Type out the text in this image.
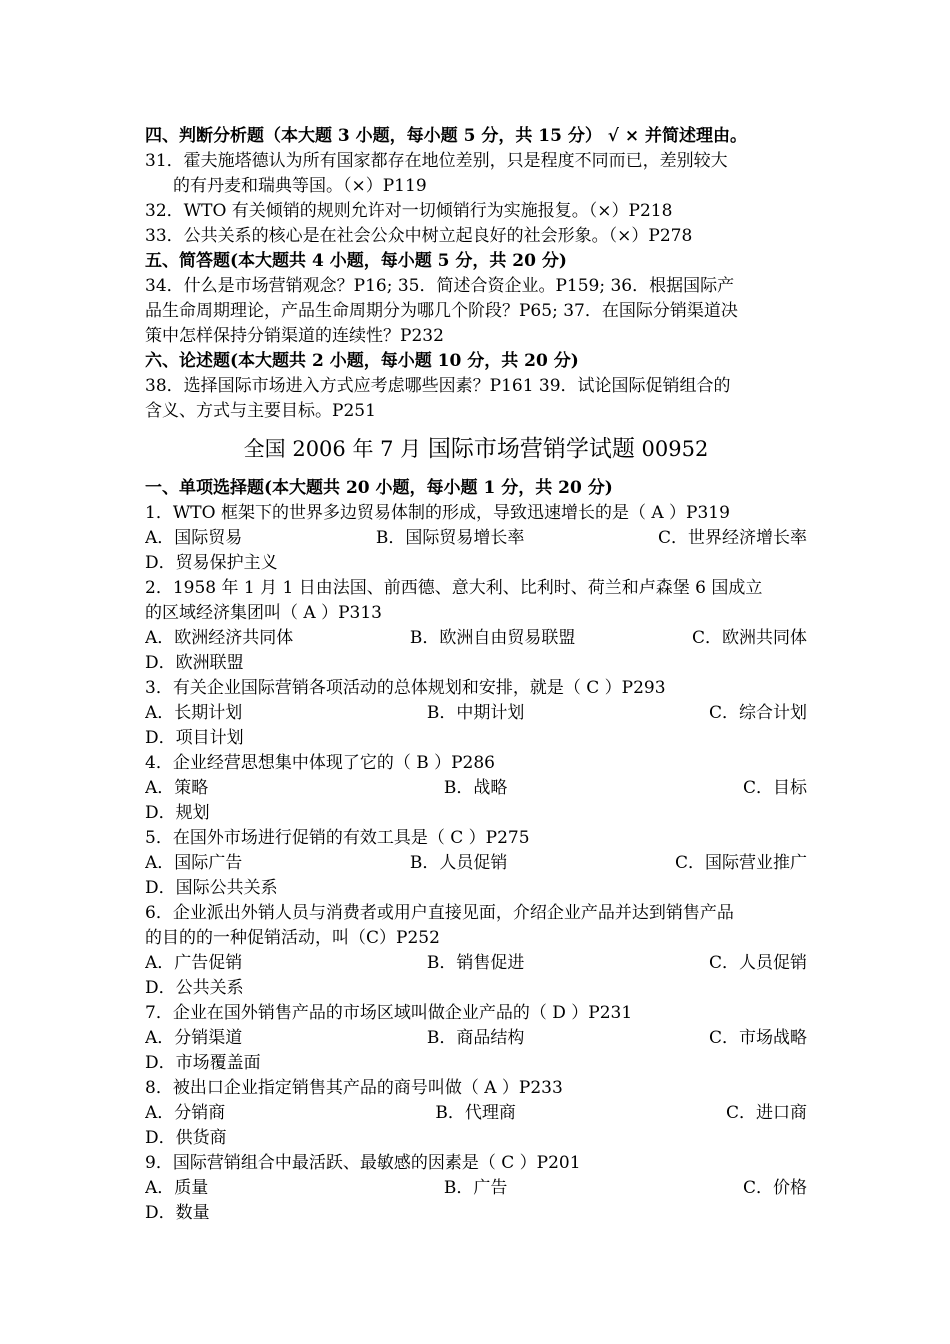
四、判断分析题（本大题 3 小题，每小题 5 分，共 15 分） √ × 并简述理由。
31．霍夫施塔德认为所有国家都存在地位差别，只是程度不同而已，差别较大
的有丹麦和瑞典等国。（×）P119
32．WTO 有关倾销的规则允许对一切倾销行为实施报复。（×）P218
33．公共关系的核心是在社会公众中树立起良好的社会形象。（×）P278
五、简答题(本大题共 4 小题，每小题 5 分，共 20 分)
34．什么是市场营销观念？P16; 35．简述合资企业。P159; 36．根据国际产
品生命周期理论，产品生命周期分为哪几个阶段？P65; 37．在国际分销渠道决
策中怎样保持分销渠道的连续性？P232
六、论述题(本大题共 2 小题，每小题 10 分，共 20 分)
38．选择国际市场进入方式应考虑哪些因素？P161 39．试论国际促销组合的
含义、方式与主要目标。P251
全国 2006 年 7 月 国际市场营销学试题 00952
一、单项选择题(本大题共 20 小题，每小题 1 分，共 20 分)
1．WTO 框架下的世界多边贸易体制的形成，导致迅速增长的是（ A ）P319
A．国际贸易	B．国际贸易增长率	C．世界经济增长率
D．贸易保护主义
2．1958 年 1 月 1 日由法国、前西德、意大利、比利时、荷兰和卢森堡 6 国成立
的区域经济集团叫（ A ）P313
A．欧洲经济共同体	B．欧洲自由贸易联盟	C．欧洲共同体
D．欧洲联盟
3．有关企业国际营销各项活动的总体规划和安排，就是（ C ）P293
A．长期计划	B．中期计划	C．综合计划
D．项目计划
4．企业经营思想集中体现了它的（ B ）P286
A．策略	B．战略	C．目标
D．规划
5．在国外市场进行促销的有效工具是（ C ）P275
A．国际广告	B．人员促销	C．国际营业推广
D．国际公共关系
6．企业派出外销人员与消费者或用户直接见面，介绍企业产品并达到销售产品
的目的的一种促销活动，叫（C）P252
A．广告促销	B．销售促进	C．人员促销
D．公共关系
7．企业在国外销售产品的市场区域叫做企业产品的（ D ）P231
A．分销渠道	B．商品结构	C．市场战略
D．市场覆盖面
8．被出口企业指定销售其产品的商号叫做（ A ）P233
A．分销商	B．代理商	C．进口商
D．供货商
9．国际营销组合中最活跃、最敏感的因素是（ C ）P201
A．质量	B．广告	C．价格
D．数量
